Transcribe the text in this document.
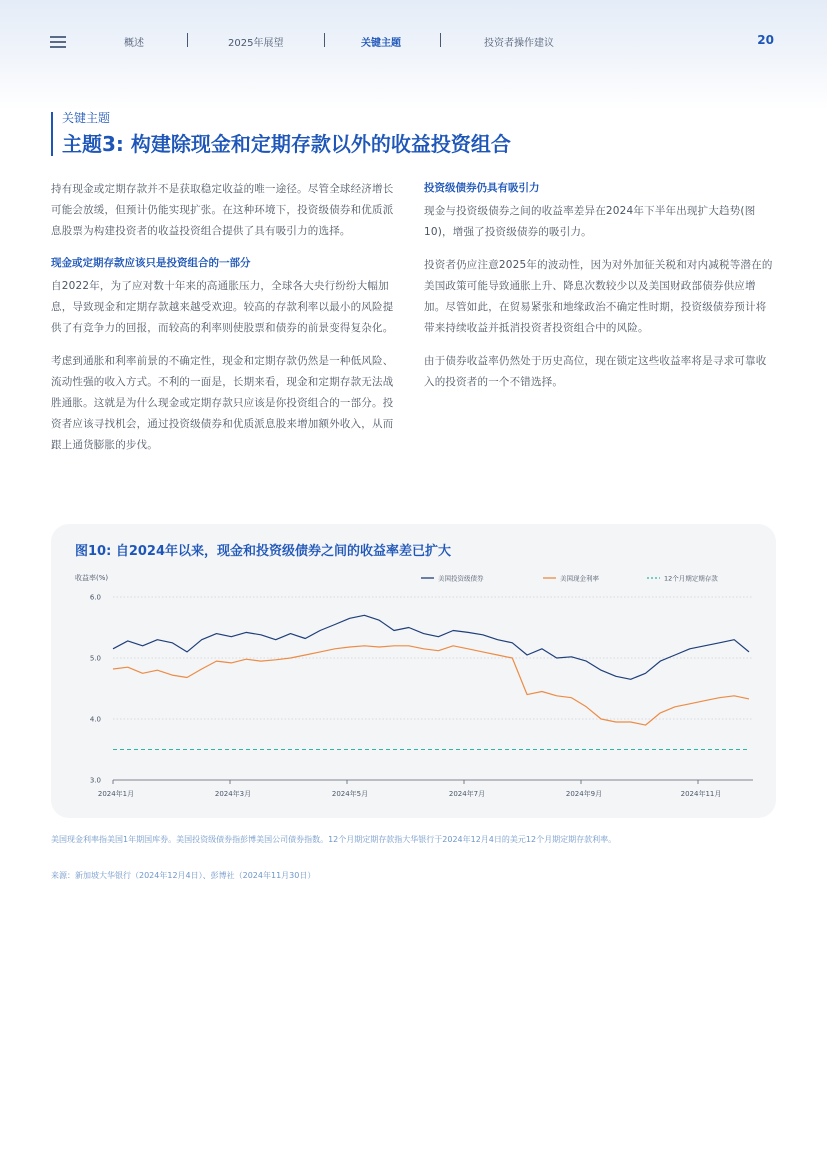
概述	2025年展望	关键主题	投资者操作建议	20
关键主题
主题3: 构建除现金和定期存款以外的收益投资组合

持有现金或定期存款并不是获取稳定收益的唯一途径。尽管全球经济增长可能会放缓，但预计仍能实现扩张。在这种环境下，投资级债券和优质派息股票为构建投资者的收益投资组合提供了具有吸引力的选择。

现金或定期存款应该只是投资组合的一部分

自2022年，为了应对数十年来的高通胀压力，全球各大央行纷纷大幅加息，导致现金和定期存款越来越受欢迎。较高的存款利率以最小的风险提供了有竞争力的回报，而较高的利率则使股票和债券的前景变得复杂化。

考虑到通胀和利率前景的不确定性，现金和定期存款仍然是一种低风险、流动性强的收入方式。不利的一面是，长期来看，现金和定期存款无法战胜通胀。这就是为什么现金或定期存款只应该是你投资组合的一部分。投资者应该寻找机会，通过投资级债券和优质派息股来增加额外收入，从而跟上通货膨胀的步伐。

投资级债券仍具有吸引力

现金与投资级债券之间的收益率差异在2024年下半年出现扩大趋势(图10)，增强了投资级债券的吸引力。

投资者仍应注意2025年的波动性，因为对外加征关税和对内减税等潜在的美国政策可能导致通胀上升、降息次数较少以及美国财政部债券供应增加。尽管如此，在贸易紧张和地缘政治不确定性时期，投资级债券预计将带来持续收益并抵消投资者投资组合中的风险。

由于债券收益率仍然处于历史高位，现在锁定这些收益率将是寻求可靠收入的投资者的一个不错选择。

图10: 自2024年以来，现金和投资级债券之间的收益率差已扩大
收益率(%)
6.0
5.0
4.0
3.0
2024年1月	2024年3月	2024年5月	2024年7月	2024年9月	2024年11月
美国投资级债券	美国现金利率	12个月期定期存款
美国现金利率指美国1年期国库券。美国投资级债券指彭博美国公司债券指数。12个月期定期存款指大华银行于2024年12月4日的美元12个月期定期存款利率。
来源：新加坡大华银行（2024年12月4日）、彭博社（2024年11月30日）
